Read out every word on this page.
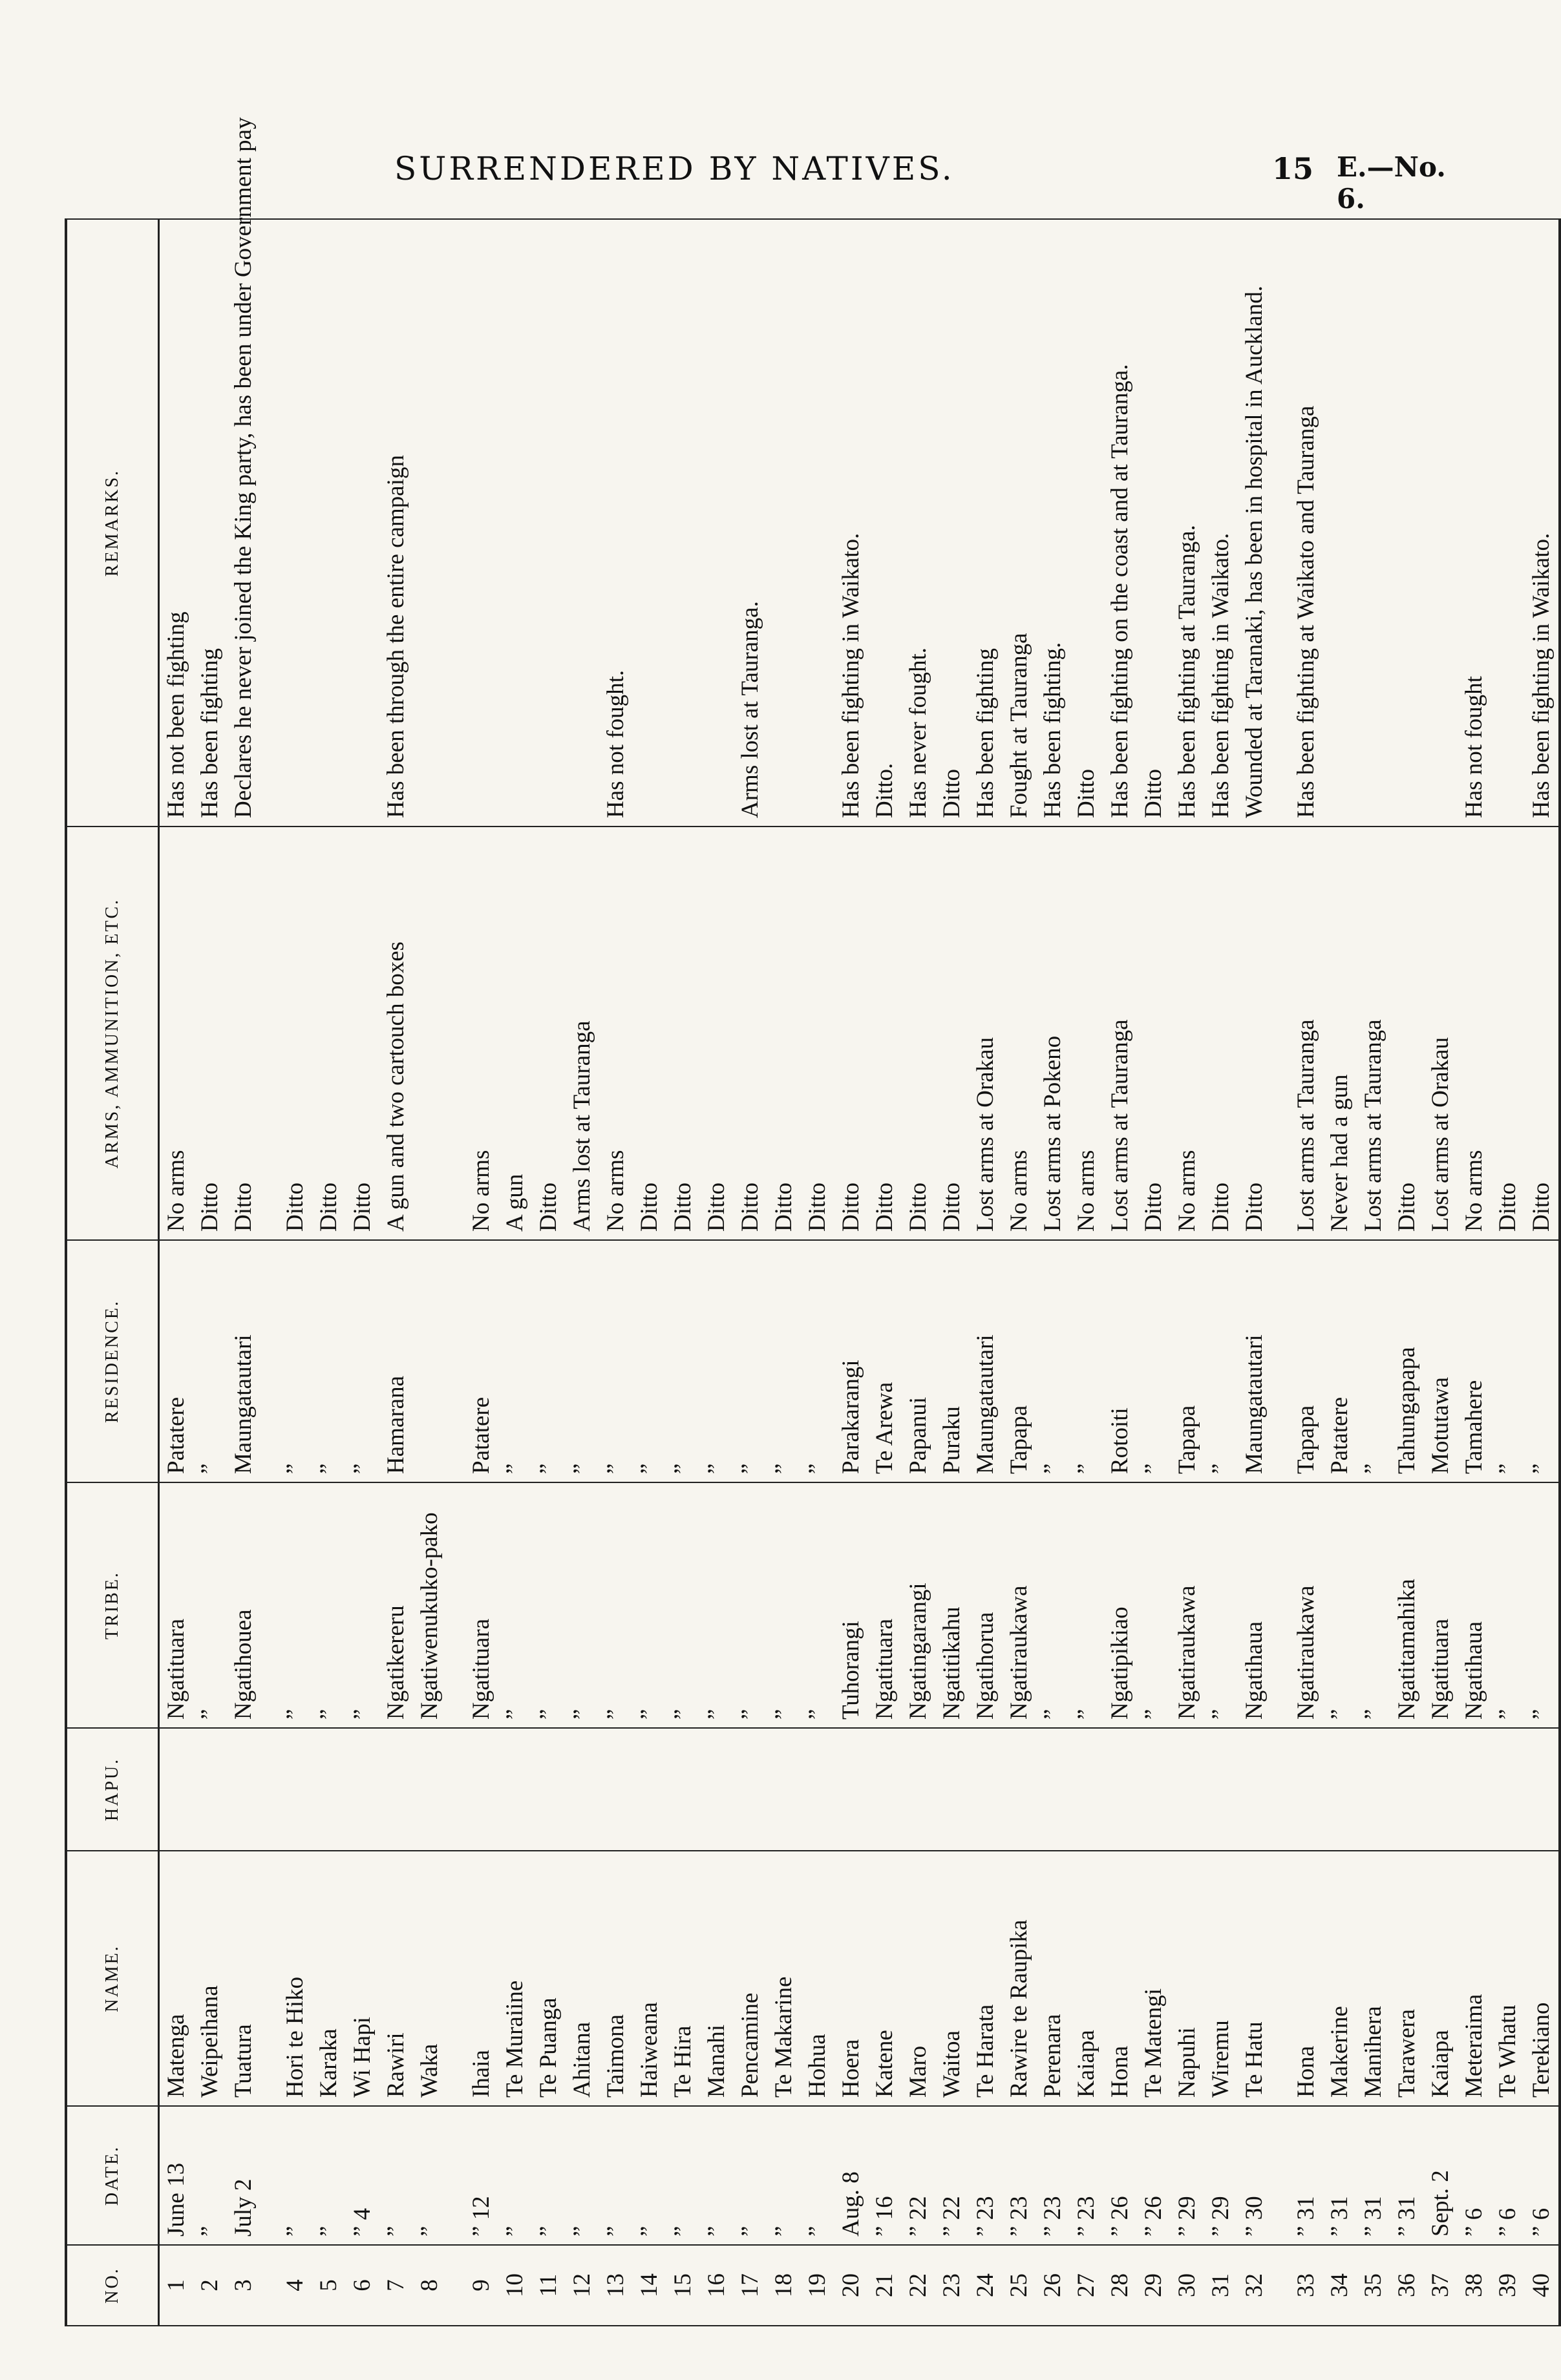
SURRENDERED BY NATIVES.	15 E.—No. 6.
NO.	DATE.	NAME.	HAPU.	TRIBE.	RESIDENCE.	ARMS, AMMUNITION, ETC.	REMARKS.
1	June 13	Matenga		Ngatituara	Patatere	No arms	Has not been fighting
2	”	Weipeihana		”	”	Ditto	Has been fighting
3	July 2	Tuatura		Ngatihouea	Maungatautari	Ditto	Declares he never joined the King party, has been under Government pay

4	”	Hori te Hiko		”	”	Ditto	
5	”	Karaka		”	”	Ditto	
6	” 4	Wi Hapi		”	”	Ditto	
7	”	Rawiri		Ngatikereru	Hamarana	A gun and two cartouch boxes	Has been through the entire campaign
8	”	Waka		Ngatiwenukuko-pako			

9	” 12	Ihaia		Ngatituara	Patatere	No arms	
10	”	Te Muraiine		”	”	A gun	
11	”	Te Puanga		”	”	Ditto	
12	”	Ahitana		”	”	Arms lost at Tauranga	
13	”	Taimona		”	”	No arms	Has not fought.
14	”	Haiweana		”	”	Ditto	
15	”	Te Hira		”	”	Ditto	
16	”	Manahi		”	”	Ditto	
17	”	Pencamine		”	”	Ditto	Arms lost at Tauranga.
18	”	Te Makarine		”	”	Ditto	
19	”	Hohua		”	”	Ditto	
20	Aug. 8	Hoera		Tuhorangi	Parakarangi	Ditto	Has been fighting in Waikato.
21	” 16	Katene		Ngatituara	Te Arewa	Ditto	Ditto.
22	” 22	Maro		Ngatingarangi	Papanui	Ditto	Has never fought.
23	” 22	Waitoa		Ngatitikahu	Puraku	Ditto	Ditto
24	” 23	Te Harata		Ngatihorua	Maungatautari	Lost arms at Orakau	Has been fighting
25	” 23	Rawire te Raupika		Ngatiraukawa	Tapapa	No arms	Fought at Tauranga
26	” 23	Perenara		”	”	Lost arms at Pokeno	Has been fighting.
27	” 23	Kaiapa		”	”	No arms	Ditto
28	” 26	Hona		Ngatipikiao	Rotoiti	Lost arms at Tauranga	Has been fighting on the coast and at Tauranga.
29	” 26	Te Matengi		”	”	Ditto	Ditto
30	” 29	Napuhi		Ngatiraukawa	Tapapa	No arms	Has been fighting at Tauranga.
31	” 29	Wiremu		”	”	Ditto	Has been fighting in Waikato.
32	” 30	Te Hatu		Ngatihaua	Maungatautari	Ditto	Wounded at Taranaki, has been in hospital in Auckland.

33	” 31	Hona		Ngatiraukawa	Tapapa	Lost arms at Tauranga	Has been fighting at Waikato and Tauranga
34	” 31	Makerine		”	Patatere	Never had a gun	
35	” 31	Manihera		”	”	Lost arms at Tauranga	
36	” 31	Tarawera		Ngatitamahika	Tahungapapa	Ditto	
37	Sept. 2	Kaiapa		Ngatituara	Motutawa	Lost arms at Orakau	
38	” 6	Meteraima		Ngatihaua	Tamahere	No arms	Has not fought
39	” 6	Te Whatu		”	”	Ditto	
40	” 6	Terekiano		”	”	Ditto	Has been fighting in Waikato.
